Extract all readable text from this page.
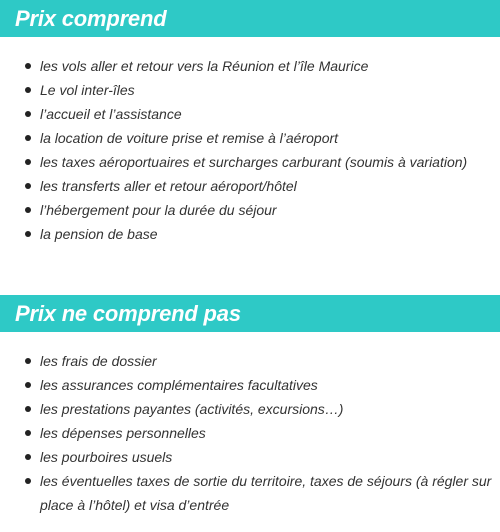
Prix comprend
les vols aller et retour vers la Réunion et l’île Maurice
Le vol inter-îles
l’accueil et l’assistance
la location de voiture prise et remise à l’aéroport
les taxes aéroportuaires et surcharges carburant (soumis à variation)
les transferts aller et retour aéroport/hôtel
l’hébergement pour la durée du séjour
la pension de base
Prix ne comprend pas
les frais de dossier
les assurances complémentaires facultatives
les prestations payantes (activités, excursions…)
les dépenses personnelles
les pourboires usuels
les éventuelles taxes de sortie du territoire, taxes de séjours (à régler sur place à l’hôtel) et visa d’entrée
